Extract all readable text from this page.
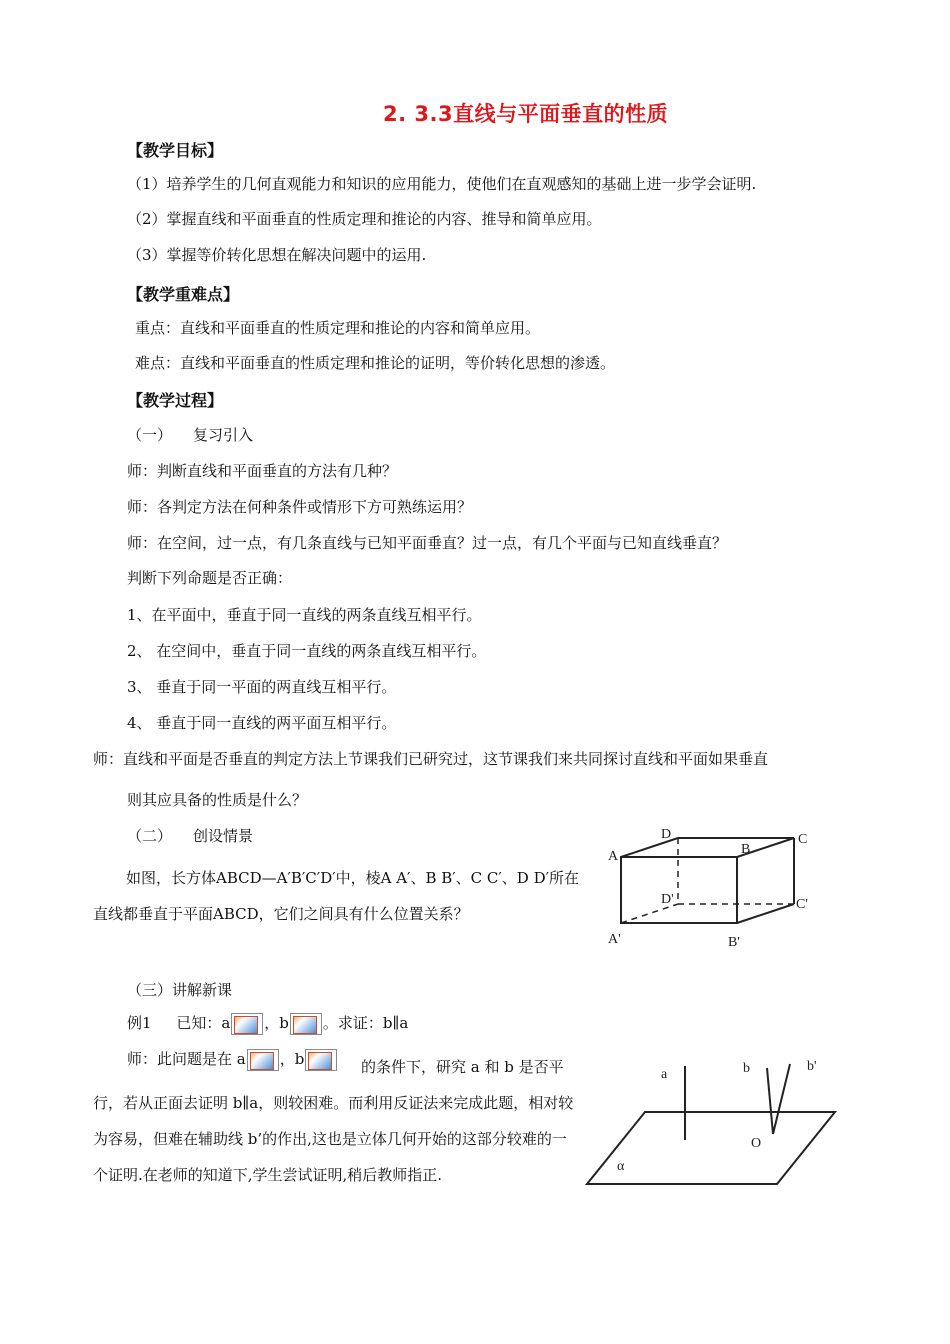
2. 3.3直线与平面垂直的性质
【教学目标】
（1）培养学生的几何直观能力和知识的应用能力，使他们在直观感知的基础上进一步学会证明.
（2）掌握直线和平面垂直的性质定理和推论的内容、推导和简单应用。
（3）掌握等价转化思想在解决问题中的运用.
【教学重难点】
重点：直线和平面垂直的性质定理和推论的内容和简单应用。
难点：直线和平面垂直的性质定理和推论的证明，等价转化思想的渗透。
【教学过程】
（一） 复习引入
师：判断直线和平面垂直的方法有几种？
师：各判定方法在何种条件或情形下方可熟练运用？
师：在空间，过一点，有几条直线与已知平面垂直？过一点，有几个平面与已知直线垂直？
判断下列命题是否正确：
1、在平面中，垂直于同一直线的两条直线互相平行。
2、 在空间中，垂直于同一直线的两条直线互相平行。
3、 垂直于同一平面的两直线互相平行。
4、 垂直于同一直线的两平面互相平行。
师：直线和平面是否垂直的判定方法上节课我们已研究过，这节课我们来共同探讨直线和平面如果垂直
则其应具备的性质是什么？
（二） 创设情景
如图，长方体ABCD—A′B′C′D′中，棱A A′、B B′、C C′、D D′所在直线都垂直于平面ABCD，它们之间具有什么位置关系？
A	B
C
D
A'	B'
C'
D'
（三）讲解新课
例1 已知：a ，b 。求证：b∥a
师：此问题是在 a ，b	的条件下，研究 a 和 b 是否平行，若从正面去证明 b∥a，则较困难。而利用反证法来完成此题，相对较为容易，但难在辅助线 b’的作出,这也是立体几何开始的这部分较难的一个证明.在老师的知道下,学生尝试证明,稍后教师指正.
a	b	b'
O
α
